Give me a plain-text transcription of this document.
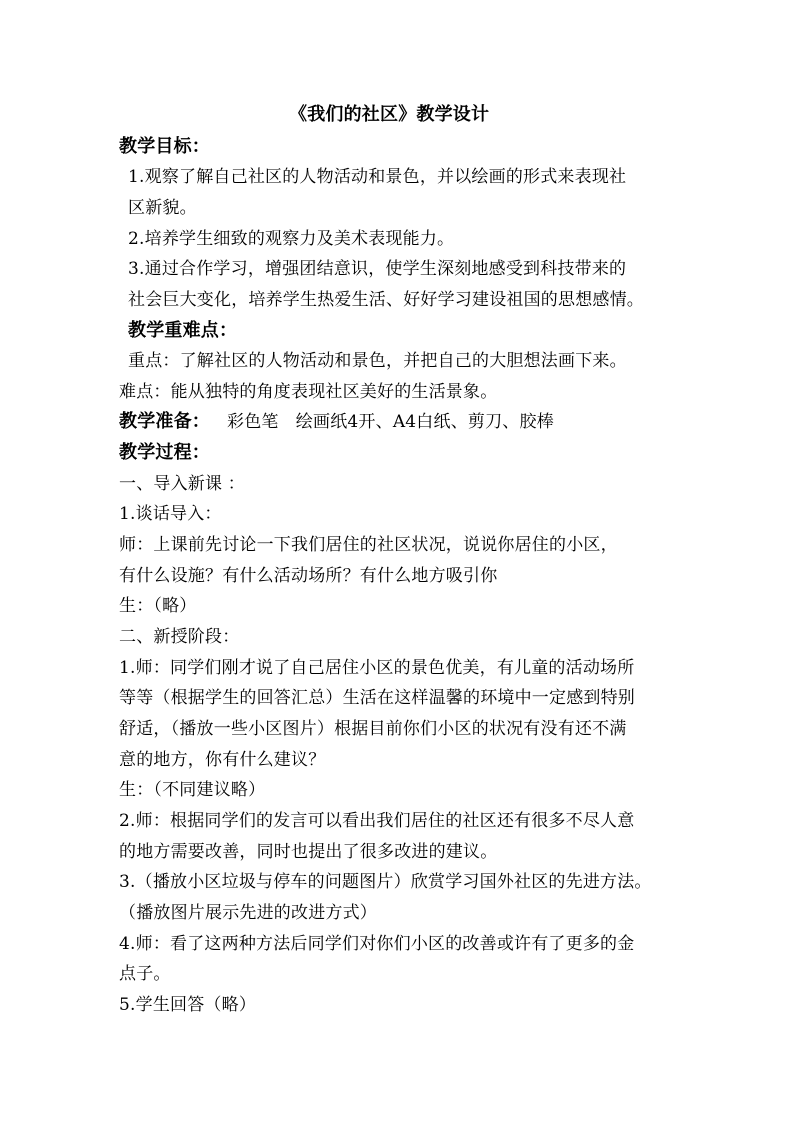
《我们的社区》教学设计
教学目标：
1.观察了解自己社区的人物活动和景色，并以绘画的形式来表现社
区新貌。
2.培养学生细致的观察力及美术表现能力。
3.通过合作学习，增强团结意识，使学生深刻地感受到科技带来的
社会巨大变化，培养学生热爱生活、好好学习建设祖国的思想感情。
教学重难点：
重点：了解社区的人物活动和景色，并把自己的大胆想法画下来。
难点：能从独特的角度表现社区美好的生活景象。
教学准备： 彩色笔　绘画纸4开、A4白纸、剪刀、胶棒
教学过程：
一、导入新课 ：
1.谈话导入：
师：上课前先讨论一下我们居住的社区状况，说说你居住的小区，
有什么设施？有什么活动场所？有什么地方吸引你
生：（略）
二、新授阶段：
1.师：同学们刚才说了自己居住小区的景色优美，有儿童的活动场所
等等（根据学生的回答汇总）生活在这样温馨的环境中一定感到特别
舒适，（播放一些小区图片）根据目前你们小区的状况有没有还不满
意的地方，你有什么建议？
生：（不同建议略）
2.师：根据同学们的发言可以看出我们居住的社区还有很多不尽人意
的地方需要改善，同时也提出了很多改进的建议。
3.（播放小区垃圾与停车的问题图片）欣赏学习国外社区的先进方法。
（播放图片展示先进的改进方式）
4.师：看了这两种方法后同学们对你们小区的改善或许有了更多的金
点子。
5.学生回答（略）
